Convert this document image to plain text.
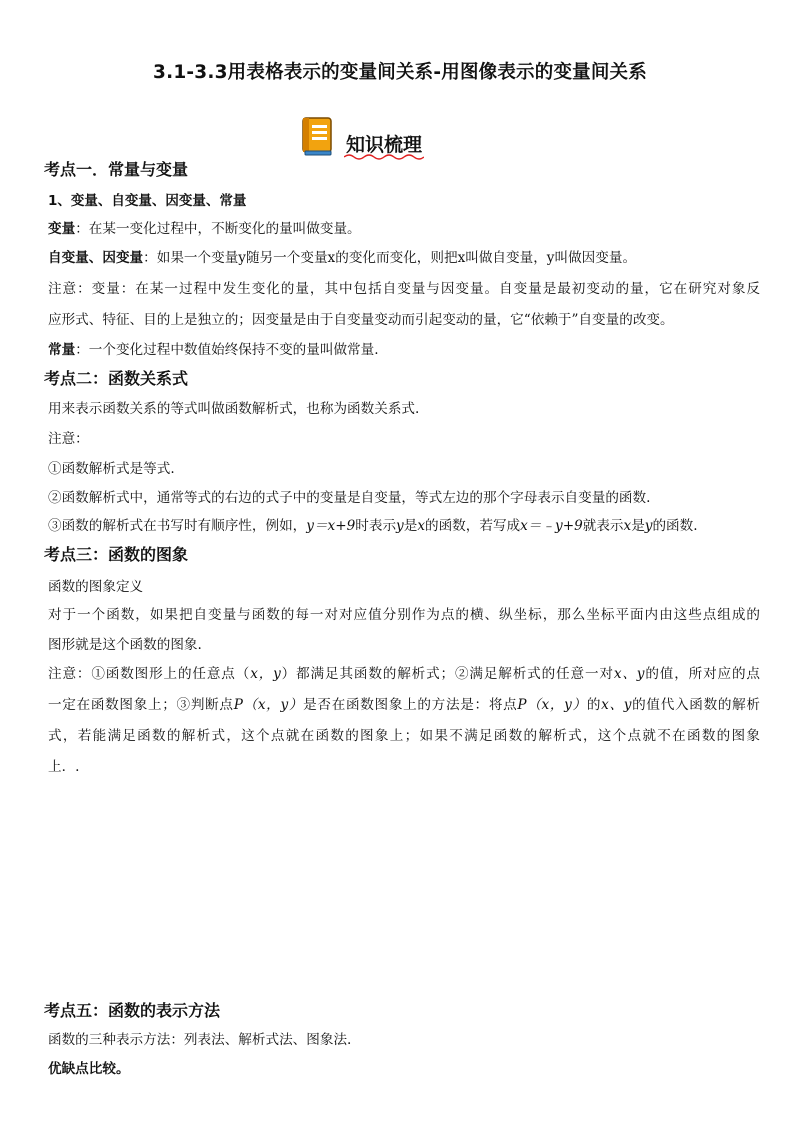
3.1-3.3用表格表示的变量间关系-用图像表示的变量间关系
知识梳理
考点一．常量与变量
1、变量、自变量、因变量、常量
变量：在某一变化过程中，不断变化的量叫做变量。
自变量、因变量：如果一个变量y随另一个变量x的变化而变化，则把x叫做自变量，y叫做因变量。
注意：变量：在某一过程中发生变化的量，其中包括自变量与因变量。自变量是最初变动的量，它在研究对象反
应形式、特征、目的上是独立的；因变量是由于自变量变动而引起变动的量，它“依赖于”自变量的改变。
常量：一个变化过程中数值始终保持不变的量叫做常量.
考点二：函数关系式
用来表示函数关系的等式叫做函数解析式，也称为函数关系式.
注意：
①函数解析式是等式.
②函数解析式中，通常等式的右边的式子中的变量是自变量，等式左边的那个字母表示自变量的函数.
③函数的解析式在书写时有顺序性，例如，y＝x+9时表示y是x的函数，若写成x＝﹣y+9就表示x是y的函数.
考点三：函数的图象
函数的图象定义
对于一个函数，如果把自变量与函数的每一对对应值分别作为点的横、纵坐标，那么坐标平面内由这些点组成的
图形就是这个函数的图象.
注意：①函数图形上的任意点（x，y）都满足其函数的解析式；②满足解析式的任意一对x、y的值，所对应的点
一定在函数图象上；③判断点P（x，y）是否在函数图象上的方法是：将点P（x，y）的x、y的值代入函数的解析
式，若能满足函数的解析式，这个点就在函数的图象上；如果不满足函数的解析式，这个点就不在函数的图象
上．.
考点五：函数的表示方法
函数的三种表示方法：列表法、解析式法、图象法.
优缺点比较。
